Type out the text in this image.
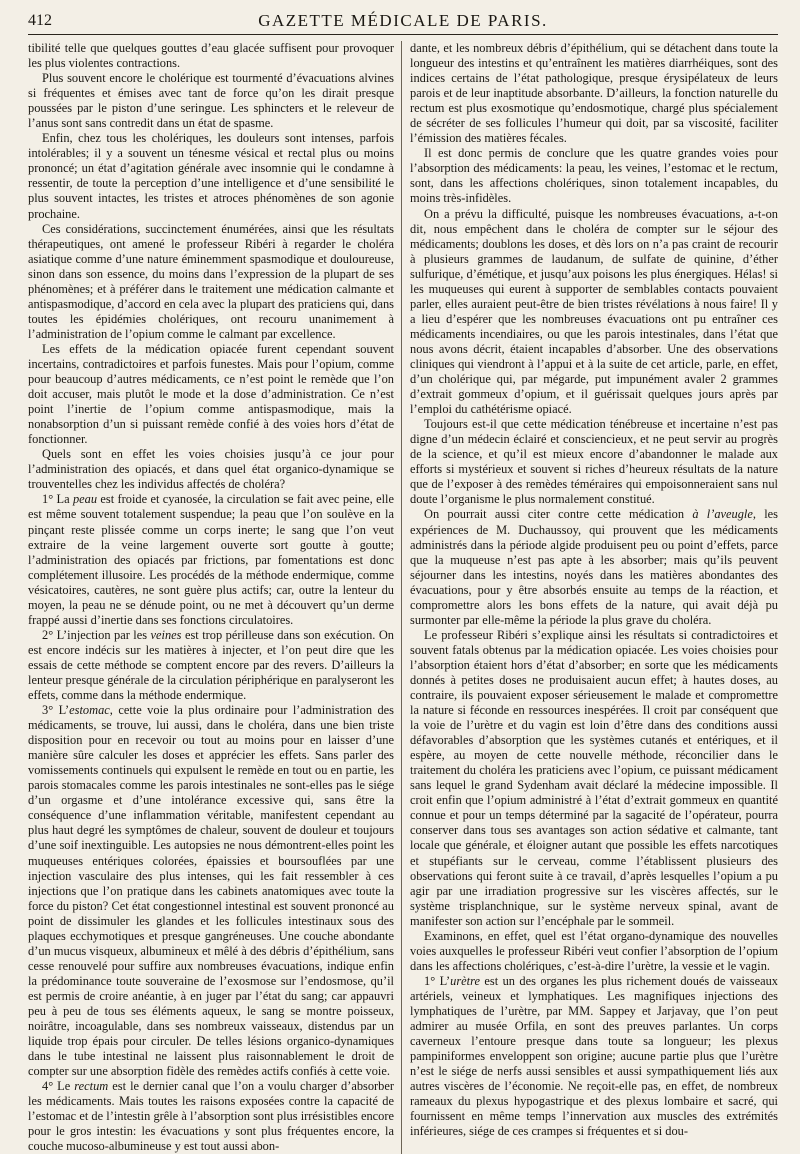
412	GAZETTE MÉDICALE DE PARIS.

tibilité telle que quelques gouttes d’eau glacée suffisent pour provoquer les plus violentes contractions.

Plus souvent encore le cholérique est tourmenté d’évacuations alvines si fréquentes et émises avec tant de force qu’on les dirait presque poussées par le piston d’une seringue. Les sphincters et le releveur de l’anus sont sans contredit dans un état de spasme.

Enfin, chez tous les cholériques, les douleurs sont intenses, parfois intolérables; il y a souvent un ténesme vésical et rectal plus ou moins prononcé; un état d’agitation générale avec insomnie qui le condamne à ressentir, de toute la perception d’une intelligence et d’une sensibilité le plus souvent intactes, les tristes et atroces phénomènes de son agonie prochaine.

Ces considérations, succinctement énumérées, ainsi que les résultats thérapeutiques, ont amené le professeur Ribéri à regarder le choléra asiatique comme d’une nature éminemment spasmodique et douloureuse, sinon dans son essence, du moins dans l’expression de la plupart de ses phénomènes; et à préférer dans le traitement une médication calmante et antispasmodique, d’accord en cela avec la plupart des praticiens qui, dans toutes les épidémies cholériques, ont recouru unanimement à l’administration de l’opium comme le calmant par excellence.

Les effets de la médication opiacée furent cependant souvent incertains, contradictoires et parfois funestes. Mais pour l’opium, comme pour beaucoup d’autres médicaments, ce n’est point le remède que l’on doit accuser, mais plutôt le mode et la dose d’administration. Ce n’est point l’inertie de l’opium comme antispasmodique, mais la nonabsorption d’un si puissant remède confié à des voies hors d’état de fonctionner.

Quels sont en effet les voies choisies jusqu’à ce jour pour l’administration des opiacés, et dans quel état organico-dynamique se trouventelles chez les individus affectés de choléra?

1° La peau est froide et cyanosée, la circulation se fait avec peine, elle est même souvent totalement suspendue; la peau que l’on soulève en la pinçant reste plissée comme un corps inerte; le sang que l’on veut extraire de la veine largement ouverte sort goutte à goutte; l’administration des opiacés par frictions, par fomentations est donc complétement illusoire. Les procédés de la méthode endermique, comme vésicatoires, cautères, ne sont guère plus actifs; car, outre la lenteur du moyen, la peau ne se dénude point, ou ne met à découvert qu’un derme frappé aussi d’inertie dans ses fonctions circulatoires.

2° L’injection par les veines est trop périlleuse dans son exécution. On est encore indécis sur les matières à injecter, et l’on peut dire que les essais de cette méthode se comptent encore par des revers. D’ailleurs la lenteur presque générale de la circulation périphérique en paralyseront les effets, comme dans la méthode endermique.

3° L’estomac, cette voie la plus ordinaire pour l’administration des médicaments, se trouve, lui aussi, dans le choléra, dans une bien triste disposition pour en recevoir ou tout au moins pour en laisser d’une manière sûre calculer les doses et apprécier les effets. Sans parler des vomissements continuels qui expulsent le remède en tout ou en partie, les parois stomacales comme les parois intestinales ne sont-elles pas le siége d’un orgasme et d’une intolérance excessive qui, sans être la conséquence d’une inflammation véritable, manifestent cependant au plus haut degré les symptômes de chaleur, souvent de douleur et toujours d’une soif inextinguible. Les autopsies ne nous démontrent-elles point les muqueuses entériques colorées, épaissies et boursouflées par une injection vasculaire des plus intenses, qui les fait ressembler à ces injections que l’on pratique dans les cabinets anatomiques avec toute la force du piston? Cet état congestionnel intestinal est souvent prononcé au point de dissimuler les glandes et les follicules intestinaux sous des plaques ecchymotiques et presque gangréneuses. Une couche abondante d’un mucus visqueux, albumineux et mêlé à des débris d’épithélium, sans cesse renouvelé pour suffire aux nombreuses évacuations, indique enfin la prédominance toute souveraine de l’exosmose sur l’endosmose, qu’il est permis de croire anéantie, à en juger par l’état du sang; car appauvri peu à peu de tous ses éléments aqueux, le sang se montre poisseux, noirâtre, incoagulable, dans ses nombreux vaisseaux, distendus par un liquide trop épais pour circuler. De telles lésions organico-dynamiques dans le tube intestinal ne laissent plus raisonnablement le droit de compter sur une absorption fidèle des remèdes actifs confiés à cette voie.

4° Le rectum est le dernier canal que l’on a voulu charger d’absorber les médicaments. Mais toutes les raisons exposées contre la capacité de l’estomac et de l’intestin grêle à l’absorption sont plus irrésistibles encore pour le gros intestin: les évacuations y sont plus fréquentes encore, la couche mucoso-albumineuse y est tout aussi abon-

dante, et les nombreux débris d’épithélium, qui se détachent dans toute la longueur des intestins et qu’entraînent les matières diarrhéiques, sont des indices certains de l’état pathologique, presque érysipélateux de leurs parois et de leur inaptitude absorbante. D’ailleurs, la fonction naturelle du rectum est plus exosmotique qu’endosmotique, chargé plus spécialement de sécréter de ses follicules l’humeur qui doit, par sa viscosité, faciliter l’émission des matières fécales.

Il est donc permis de conclure que les quatre grandes voies pour l’absorption des médicaments: la peau, les veines, l’estomac et le rectum, sont, dans les affections cholériques, sinon totalement incapables, du moins très-infidèles.

On a prévu la difficulté, puisque les nombreuses évacuations, a-t-on dit, nous empêchent dans le choléra de compter sur le séjour des médicaments; doublons les doses, et dès lors on n’a pas craint de recourir à plusieurs grammes de laudanum, de sulfate de quinine, d’éther sulfurique, d’émétique, et jusqu’aux poisons les plus énergiques. Hélas! si les muqueuses qui eurent à supporter de semblables contacts pouvaient parler, elles auraient peut-être de bien tristes révélations à nous faire! Il y a lieu d’espérer que les nombreuses évacuations ont pu entraîner ces médicaments incendiaires, ou que les parois intestinales, dans l’état que nous avons décrit, étaient incapables d’absorber. Une des observations cliniques qui viendront à l’appui et à la suite de cet article, parle, en effet, d’un cholérique qui, par mégarde, put impunément avaler 2 grammes d’extrait gommeux d’opium, et il guérissait quelques jours après par l’emploi du cathétérisme opiacé.

Toujours est-il que cette médication ténébreuse et incertaine n’est pas digne d’un médecin éclairé et consciencieux, et ne peut servir au progrès de la science, et qu’il est mieux encore d’abandonner le malade aux efforts si mystérieux et souvent si riches d’heureux résultats de la nature que de l’exposer à des remèdes téméraires qui empoisonneraient sans nul doute l’organisme le plus normalement constitué.

On pourrait aussi citer contre cette médication à l’aveugle, les expériences de M. Duchaussoy, qui prouvent que les médicaments administrés dans la période algide produisent peu ou point d’effets, parce que la muqueuse n’est pas apte à les absorber; mais qu’ils peuvent séjourner dans les intestins, noyés dans les matières abondantes des évacuations, pour y être absorbés ensuite au temps de la réaction, et compromettre alors les bons effets de la nature, qui avait déjà pu surmonter par elle-même la période la plus grave du choléra.

Le professeur Ribéri s’explique ainsi les résultats si contradictoires et souvent fatals obtenus par la médication opiacée. Les voies choisies pour l’absorption étaient hors d’état d’absorber; en sorte que les médicaments donnés à petites doses ne produisaient aucun effet; à hautes doses, au contraire, ils pouvaient exposer sérieusement le malade et compromettre la nature si féconde en ressources inespérées. Il croit par conséquent que la voie de l’urètre et du vagin est loin d’être dans des conditions aussi défavorables d’absorption que les systèmes cutanés et entériques, et il espère, au moyen de cette nouvelle méthode, réconcilier dans le traitement du choléra les praticiens avec l’opium, ce puissant médicament sans lequel le grand Sydenham avait déclaré la médecine impossible. Il croit enfin que l’opium administré à l’état d’extrait gommeux en quantité connue et pour un temps déterminé par la sagacité de l’opérateur, pourra conserver dans tous ses avantages son action sédative et calmante, tant locale que générale, et éloigner autant que possible les effets narcotiques et stupéfiants sur le cerveau, comme l’établissent plusieurs des observations qui feront suite à ce travail, d’après lesquelles l’opium a pu agir par une irradiation progressive sur les viscères affectés, sur le système trisplanchnique, sur le système nerveux spinal, avant de manifester son action sur l’encéphale par le sommeil.

Examinons, en effet, quel est l’état organo-dynamique des nouvelles voies auxquelles le professeur Ribéri veut confier l’absorption de l’opium dans les affections cholériques, c’est-à-dire l’urètre, la vessie et le vagin.

1° L’urètre est un des organes les plus richement doués de vaisseaux artériels, veineux et lymphatiques. Les magnifiques injections des lymphatiques de l’urètre, par MM. Sappey et Jarjavay, que l’on peut admirer au musée Orfila, en sont des preuves parlantes. Un corps caverneux l’entoure presque dans toute sa longueur; les plexus pampiniformes enveloppent son origine; aucune partie plus que l’urètre n’est le siége de nerfs aussi sensibles et aussi sympathiquement liés aux autres viscères de l’économie. Ne reçoit-elle pas, en effet, de nombreux rameaux du plexus hypogastrique et des plexus lombaire et sacré, qui fournissent en même temps l’innervation aux muscles des extrémités inférieures, siége de ces crampes si fréquentes et si dou-
